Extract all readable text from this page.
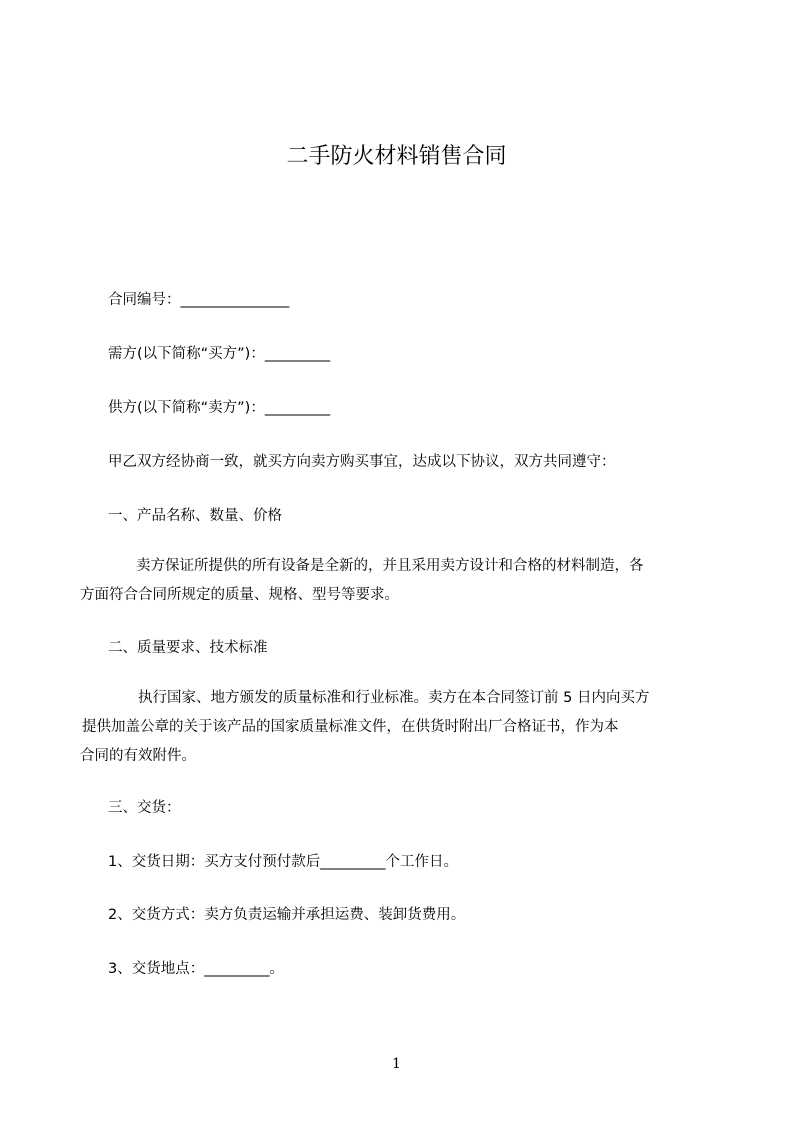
二手防火材料销售合同
合同编号：_______________
需方(以下简称“买方”)：_________
供方(以下简称“卖方”)：_________
甲乙双方经协商一致，就买方向卖方购买事宜，达成以下协议，双方共同遵守：
一、产品名称、数量、价格
卖方保证所提供的所有设备是全新的，并且采用卖方设计和合格的材料制造，各
方面符合合同所规定的质量、规格、型号等要求。
二、质量要求、技术标准
执行国家、地方颁发的质量标准和行业标准。卖方在本合同签订前 5 日内向买方
提供加盖公章的关于该产品的国家质量标准文件，在供货时附出厂合格证书，作为本
合同的有效附件。
三、交货：
1、交货日期：买方支付预付款后_________个工作日。
2、交货方式：卖方负责运输并承担运费、装卸货费用。
3、交货地点：_________。
1
